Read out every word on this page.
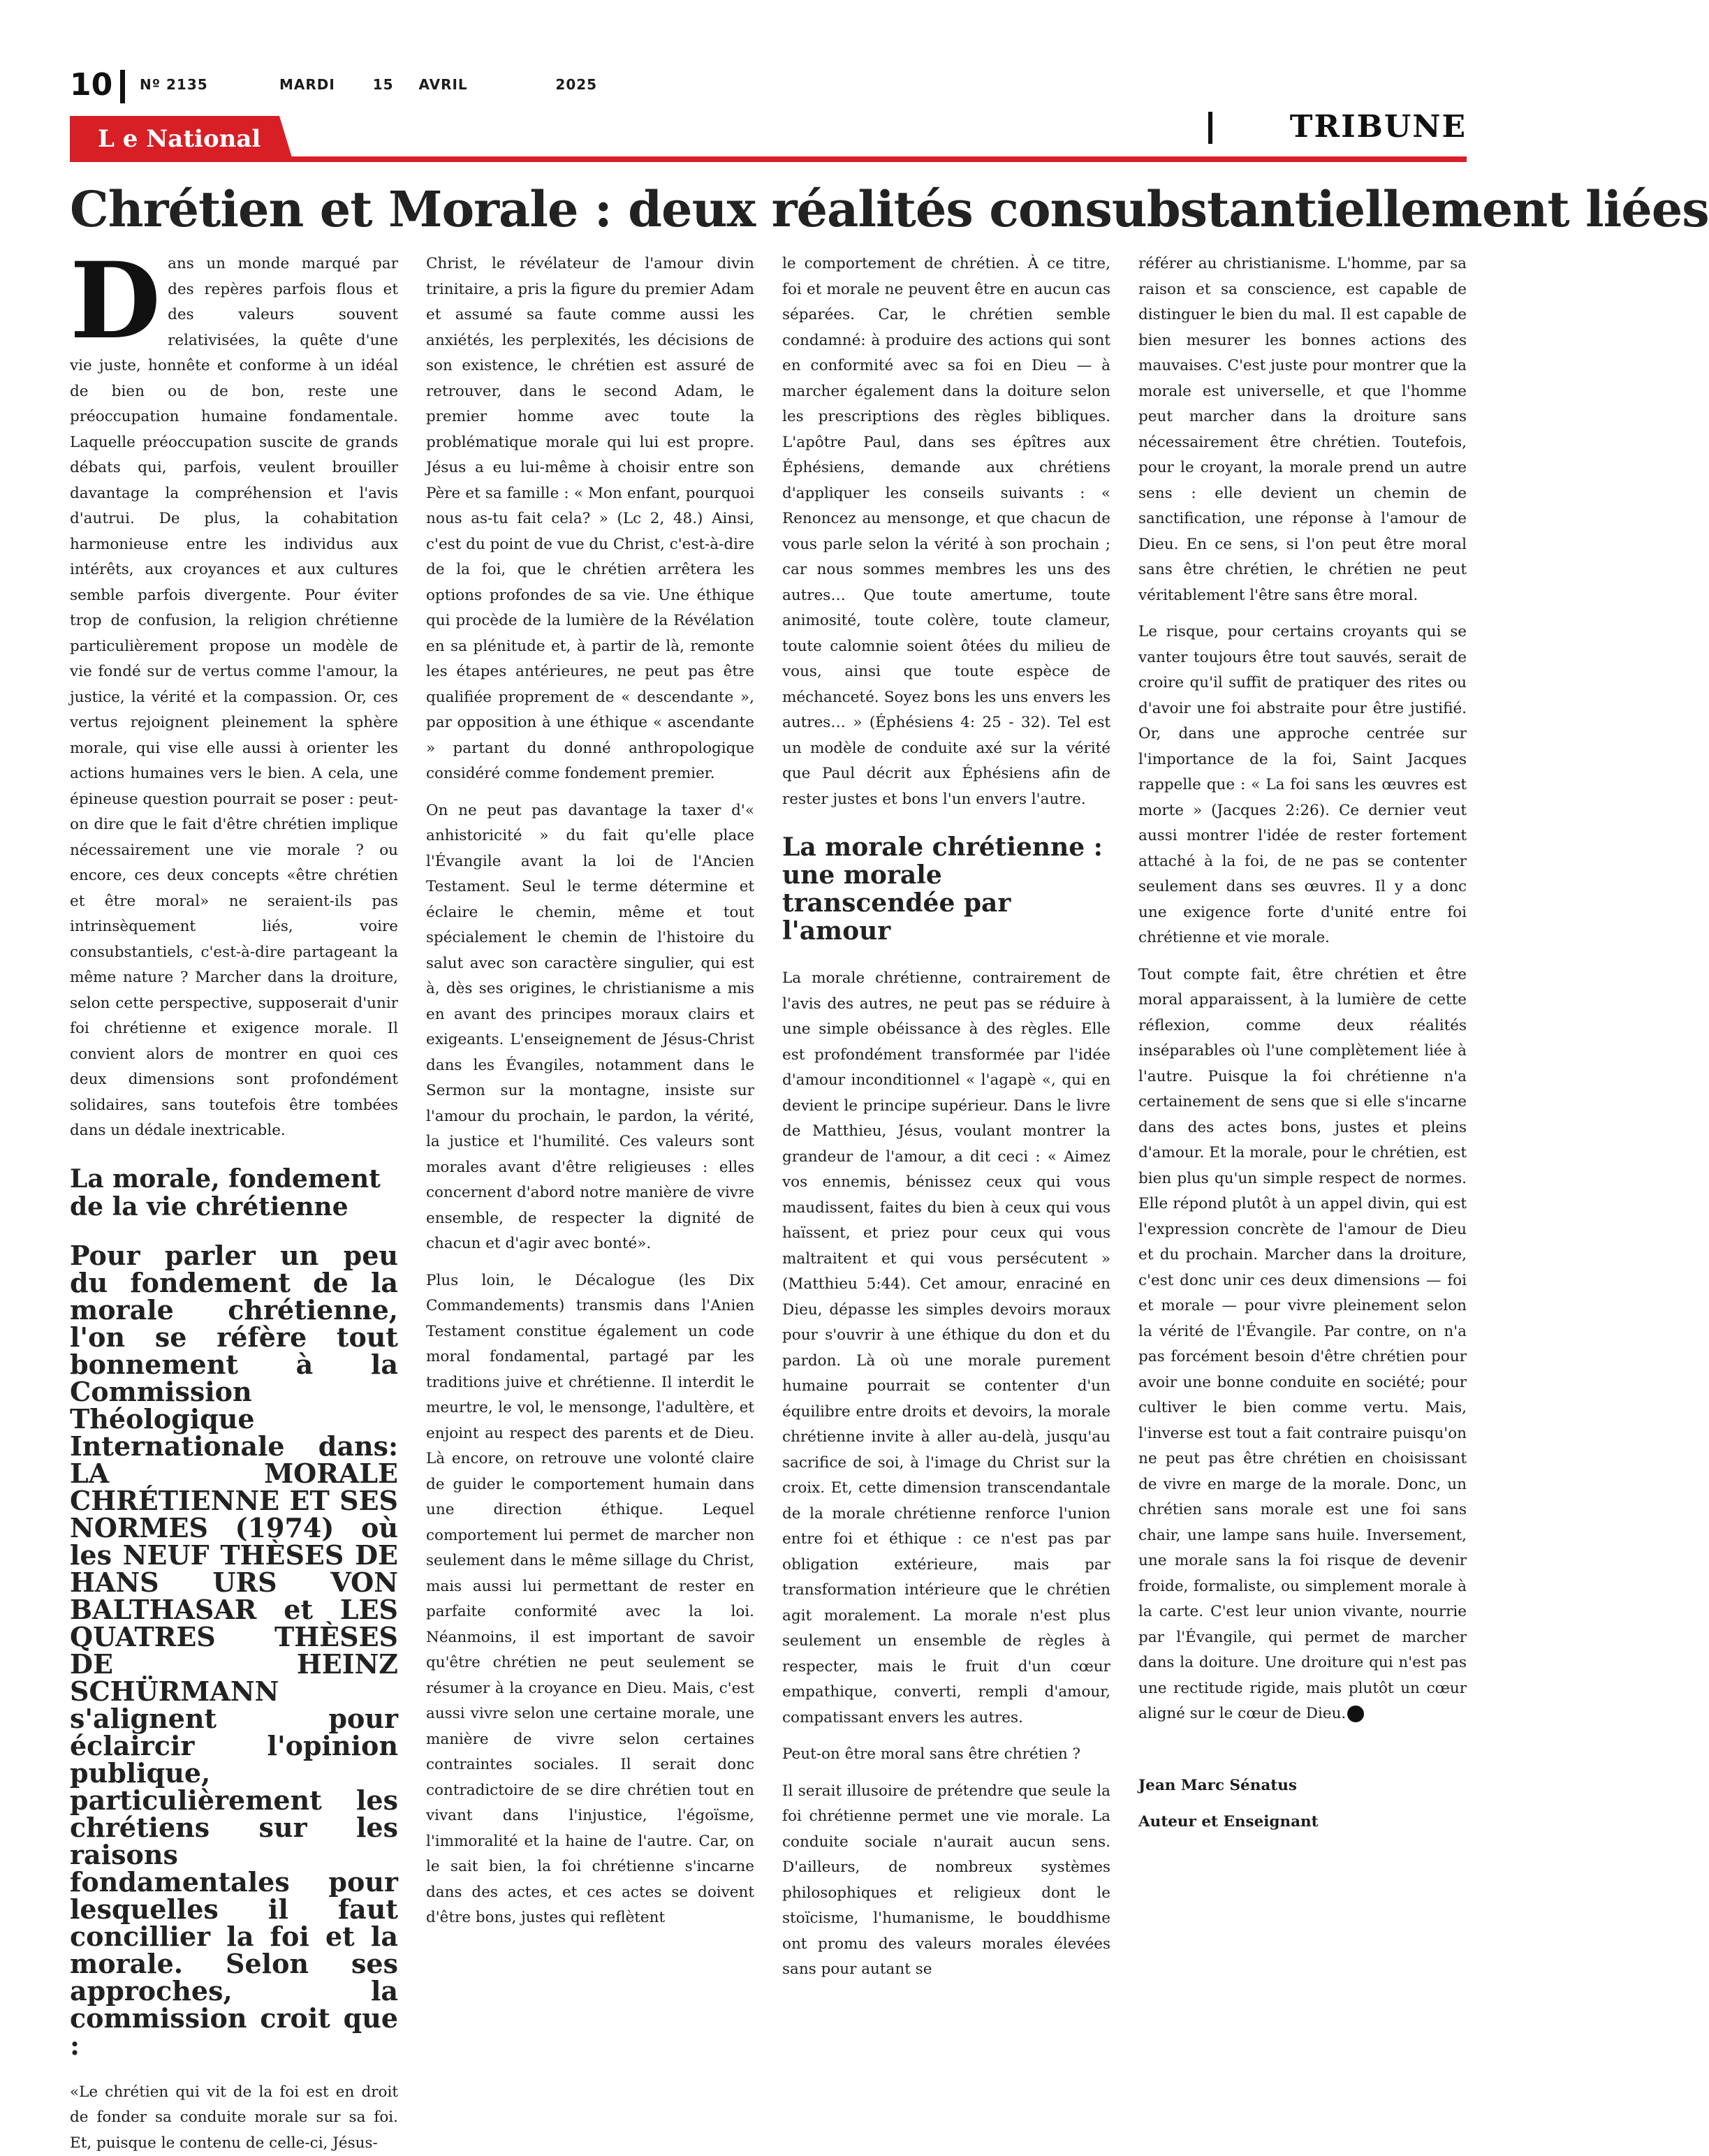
10 Nº 2135	MARDI   15  AVRIL       2025
L e National	TRIBUNE
Chrétien et Morale : deux réalités consubstantiellement liées

Dans un monde marqué par des repères parfois flous et des valeurs souvent relativisées, la quête d'une vie juste, honnête et conforme à un idéal de bien ou de bon, reste une préoccupation humaine fondamentale. Laquelle préoccupation suscite de grands débats qui, parfois, veulent brouiller davantage la compréhension et l'avis d'autrui. De plus, la cohabitation harmonieuse entre les individus aux intérêts, aux croyances et aux cultures semble parfois divergente. Pour éviter trop de confusion, la religion chrétienne particulièrement propose un modèle de vie fondé sur de vertus comme l'amour, la justice, la vérité et la compassion. Or, ces vertus rejoignent pleinement la sphère morale, qui vise elle aussi à orienter les actions humaines vers le bien. A cela, une épineuse question pourrait se poser : peut-on dire que le fait d'être chrétien implique nécessairement une vie morale ? ou encore, ces deux concepts «être chrétien et être moral» ne seraient-ils pas intrinsèquement liés, voire consubstantiels, c'est-à-dire partageant la même nature ? Marcher dans la droiture, selon cette perspective, supposerait d'unir foi chrétienne et exigence morale. Il convient alors de montrer en quoi ces deux dimensions sont profondément solidaires, sans toutefois être tombées dans un dédale inextricable.

La morale, fondement de la vie chrétienne
Pour parler un peu du fondement de la morale chrétienne, l'on se réfère tout bonnement à la Commission Théologique Internationale dans: LA MORALE CHRÉTIENNE ET SES NORMES (1974) où les NEUF THÈSES DE HANS URS VON BALTHASAR et LES QUATRES THÈSES DE HEINZ SCHÜRMANN s'alignent pour éclaircir l'opinion publique, particulièrement les chrétiens sur les raisons fondamentales pour lesquelles il faut concillier la foi et la morale. Selon ses approches, la commission croit que :

«Le chrétien qui vit de la foi est en droit de fonder sa conduite morale sur sa foi. Et, puisque le contenu de celle-ci, Jésus-

Christ, le révélateur de l'amour divin trinitaire, a pris la figure du premier Adam et assumé sa faute comme aussi les anxiétés, les perplexités, les décisions de son existence, le chrétien est assuré de retrouver, dans le second Adam, le premier homme avec toute la problématique morale qui lui est propre. Jésus a eu lui-même à choisir entre son Père et sa famille : « Mon enfant, pourquoi nous as-tu fait cela? » (Lc 2, 48.) Ainsi, c'est du point de vue du Christ, c'est-à-dire de la foi, que le chrétien arrêtera les options profondes de sa vie. Une éthique qui procède de la lumière de la Révélation en sa plénitude et, à partir de là, remonte les étapes antérieures, ne peut pas être qualifiée proprement de « descendante », par opposition à une éthique « ascendante » partant du donné anthropologique considéré comme fondement premier.

On ne peut pas davantage la taxer d'« anhistoricité » du fait qu'elle place l'Évangile avant la loi de l'Ancien Testament. Seul le terme détermine et éclaire le chemin, même et tout spécialement le chemin de l'histoire du salut avec son caractère singulier, qui est à, dès ses origines, le christianisme a mis en avant des principes moraux clairs et exigeants. L'enseignement de Jésus-Christ dans les Évangiles, notamment dans le Sermon sur la montagne, insiste sur l'amour du prochain, le pardon, la vérité, la justice et l'humilité. Ces valeurs sont morales avant d'être religieuses : elles concernent d'abord notre manière de vivre ensemble, de respecter la dignité de chacun et d'agir avec bonté».

Plus loin, le Décalogue (les Dix Commandements) transmis dans l'Anien Testament constitue également un code moral fondamental, partagé par les traditions juive et chrétienne. Il interdit le meurtre, le vol, le mensonge, l'adultère, et enjoint au respect des parents et de Dieu. Là encore, on retrouve une volonté claire de guider le comportement humain dans une direction éthique. Lequel comportement lui permet de marcher non seulement dans le même sillage du Christ, mais aussi lui permettant de rester en parfaite conformité avec la loi. Néanmoins, il est important de savoir qu'être chrétien ne peut seulement se résumer à la croyance en Dieu. Mais, c'est aussi vivre selon une certaine morale, une manière de vivre selon certaines contraintes sociales. Il serait donc contradictoire de se dire chrétien tout en vivant dans l'injustice, l'égoïsme, l'immoralité et la haine de l'autre. Car, on le sait bien, la foi chrétienne s'incarne dans des actes, et ces actes se doivent d'être bons, justes qui reflètent

le comportement de chrétien. À ce titre, foi et morale ne peuvent être en aucun cas séparées. Car, le chrétien semble condamné: à produire des actions qui sont en conformité avec sa foi en Dieu — à marcher également dans la doiture selon les prescriptions des règles bibliques. L'apôtre Paul, dans ses épîtres aux Éphésiens, demande aux chrétiens d'appliquer les conseils suivants : « Renoncez au mensonge, et que chacun de vous parle selon la vérité à son prochain ; car nous sommes membres les uns des autres… Que toute amertume, toute animosité, toute colère, toute clameur, toute calomnie soient ôtées du milieu de vous, ainsi que toute espèce de méchanceté. Soyez bons les uns envers les autres… » (Éphésiens 4: 25 - 32). Tel est un modèle de conduite axé sur la vérité que Paul décrit aux Éphésiens afin de rester justes et bons l'un envers l'autre.

La morale chrétienne : une morale transcendée par l'amour

La morale chrétienne, contrairement de l'avis des autres, ne peut pas se réduire à une simple obéissance à des règles. Elle est profondément transformée par l'idée d'amour inconditionnel « l'agapè «, qui en devient le principe supérieur. Dans le livre de Matthieu, Jésus, voulant montrer la grandeur de l'amour, a dit ceci : « Aimez vos ennemis, bénissez ceux qui vous maudissent, faites du bien à ceux qui vous haïssent, et priez pour ceux qui vous maltraitent et qui vous persécutent » (Matthieu 5:44). Cet amour, enraciné en Dieu, dépasse les simples devoirs moraux pour s'ouvrir à une éthique du don et du pardon. Là où une morale purement humaine pourrait se contenter d'un équilibre entre droits et devoirs, la morale chrétienne invite à aller au-delà, jusqu'au sacrifice de soi, à l'image du Christ sur la croix. Et, cette dimension transcendantale de la morale chrétienne renforce l'union entre foi et éthique : ce n'est pas par obligation extérieure, mais par transformation intérieure que le chrétien agit moralement. La morale n'est plus seulement un ensemble de règles à respecter, mais le fruit d'un cœur empathique, converti, rempli d'amour, compatissant envers les autres.

Peut-on être moral sans être chrétien ?

Il serait illusoire de prétendre que seule la foi chrétienne permet une vie morale. La conduite sociale n'aurait aucun sens. D'ailleurs, de nombreux systèmes philosophiques et religieux dont le stoïcisme, l'humanisme, le bouddhisme ont promu des valeurs morales élevées sans pour autant se

référer au christianisme. L'homme, par sa raison et sa conscience, est capable de distinguer le bien du mal. Il est capable de bien mesurer les bonnes actions des mauvaises. C'est juste pour montrer que la morale est universelle, et que l'homme peut marcher dans la droiture sans nécessairement être chrétien. Toutefois, pour le croyant, la morale prend un autre sens : elle devient un chemin de sanctification, une réponse à l'amour de Dieu. En ce sens, si l'on peut être moral sans être chrétien, le chrétien ne peut véritablement l'être sans être moral.

Le risque, pour certains croyants qui se vanter toujours être tout sauvés, serait de croire qu'il suffit de pratiquer des rites ou d'avoir une foi abstraite pour être justifié. Or, dans une approche centrée sur l'importance de la foi, Saint Jacques rappelle que : « La foi sans les œuvres est morte » (Jacques 2:26). Ce dernier veut aussi montrer l'idée de rester fortement attaché à la foi, de ne pas se contenter seulement dans ses œuvres. Il y a donc une exigence forte d'unité entre foi chrétienne et vie morale.

Tout compte fait, être chrétien et être moral apparaissent, à la lumière de cette réflexion, comme deux réalités inséparables où l'une complètement liée à l'autre. Puisque la foi chrétienne n'a certainement de sens que si elle s'incarne dans des actes bons, justes et pleins d'amour. Et la morale, pour le chrétien, est bien plus qu'un simple respect de normes. Elle répond plutôt à un appel divin, qui est l'expression concrète de l'amour de Dieu et du prochain. Marcher dans la droiture, c'est donc unir ces deux dimensions — foi et morale — pour vivre pleinement selon la vérité de l'Évangile. Par contre, on n'a pas forcément besoin d'être chrétien pour avoir une bonne conduite en société; pour cultiver le bien comme vertu. Mais, l'inverse est tout a fait contraire puisqu'on ne peut pas être chrétien en choisissant de vivre en marge de la morale. Donc, un chrétien sans morale est une foi sans chair, une lampe sans huile. Inversement, une morale sans la foi risque de devenir froide, formaliste, ou simplement morale à la carte. C'est leur union vivante, nourrie par l'Évangile, qui permet de marcher dans la doiture. Une droiture qui n'est pas une rectitude rigide, mais plutôt un cœur aligné sur le cœur de Dieu.

Jean Marc Sénatus

Auteur et Enseignant
